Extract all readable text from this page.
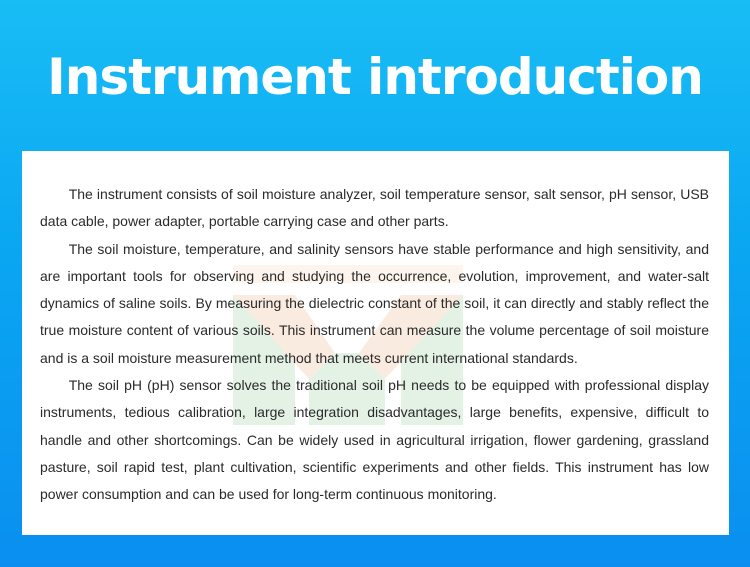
Instrument introduction

The instrument consists of soil moisture analyzer, soil temperature sensor, salt sensor, pH sensor, USB data cable, power adapter, portable carrying case and other parts.

The soil moisture, temperature, and salinity sensors have stable performance and high sensitivity, and are important tools for observing and studying the occurrence, evolution, improvement, and water-salt dynamics of saline soils. By measuring the dielectric constant of the soil, it can directly and stably reflect the true moisture content of various soils. This instrument can measure the volume percentage of soil moisture and is a soil moisture measurement method that meets current international standards.

The soil pH (pH) sensor solves the traditional soil pH needs to be equipped with professional display instruments, tedious calibration, large integration disadvantages, large benefits, expensive, difficult to handle and other shortcomings. Can be widely used in agricultural irrigation, flower gardening, grassland pasture, soil rapid test, plant cultivation, scientific experiments and other fields. This instrument has low power consumption and can be used for long-term continuous monitoring.
